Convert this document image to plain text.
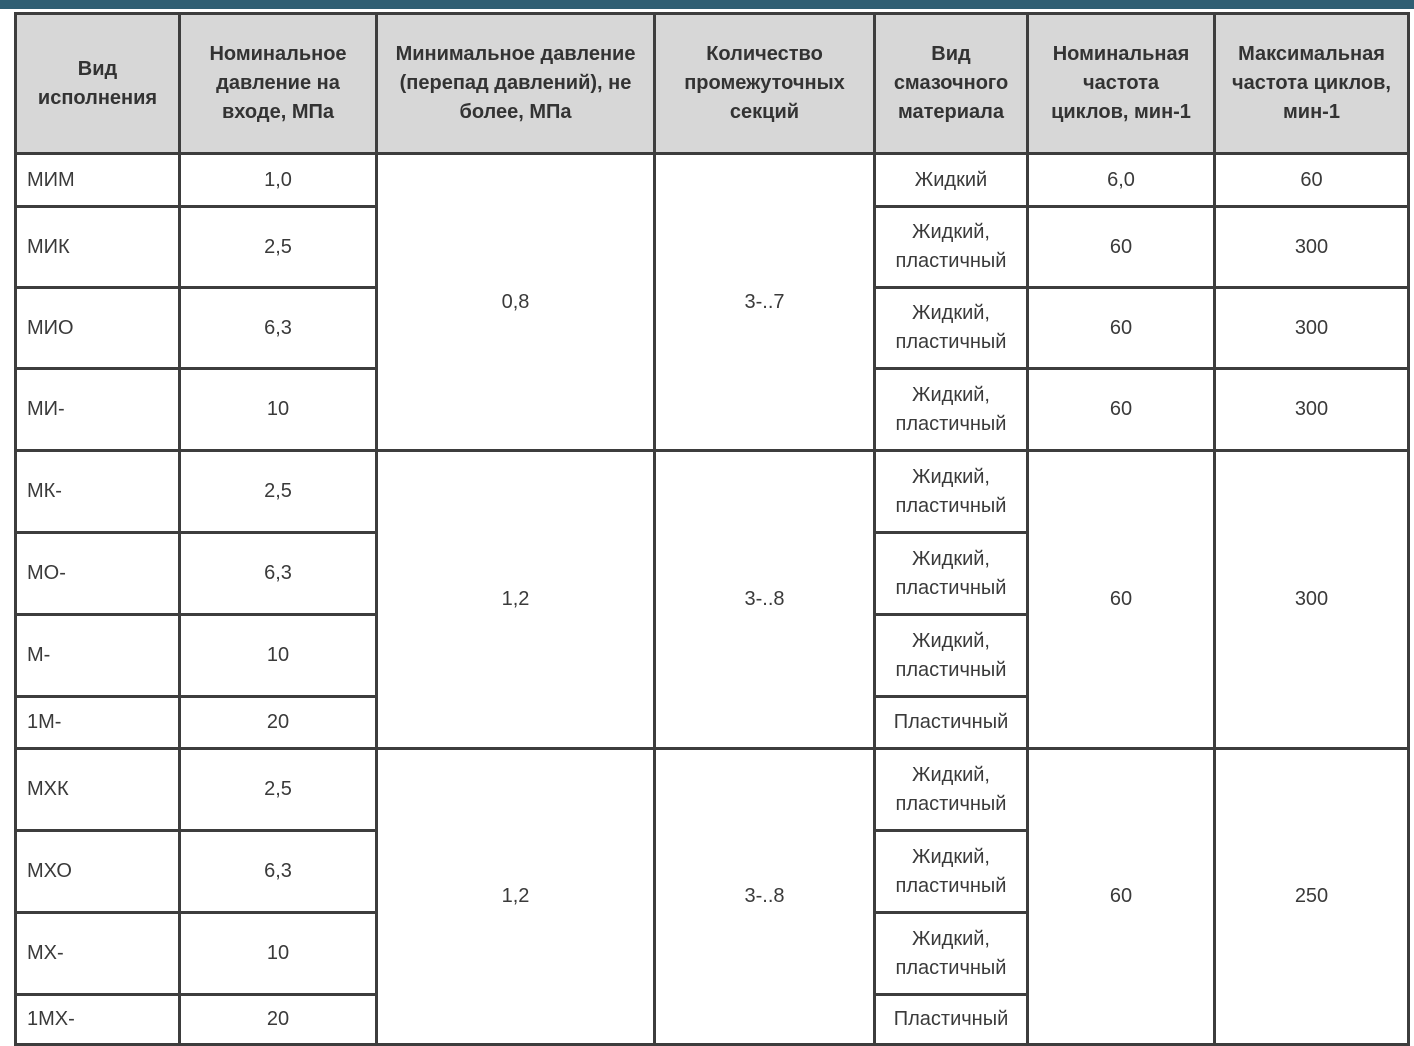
Вид исполнения	Номинальное давление на входе, МПа	Минимальное давление (перепад давлений), не более, МПа	Количество промежуточных секций	Вид смазочного материала	Номинальная частота циклов, мин-1	Максимальная частота циклов, мин-1
МИМ	1,0	0,8	3-..7	Жидкий	6,0	60
МИК	2,5			Жидкий, пластичный	60	300
МИО	6,3			Жидкий, пластичный	60	300
МИ-	10			Жидкий, пластичный	60	300
МК-	2,5	1,2	3-..8	Жидкий, пластичный	60	300
МО-	6,3			Жидкий, пластичный		
М-	10			Жидкий, пластичный		
1М-	20			Пластичный		
МХК	2,5	1,2	3-..8	Жидкий, пластичный	60	250
МХО	6,3			Жидкий, пластичный		
МХ-	10			Жидкий, пластичный		
1МХ-	20			Пластичный		
